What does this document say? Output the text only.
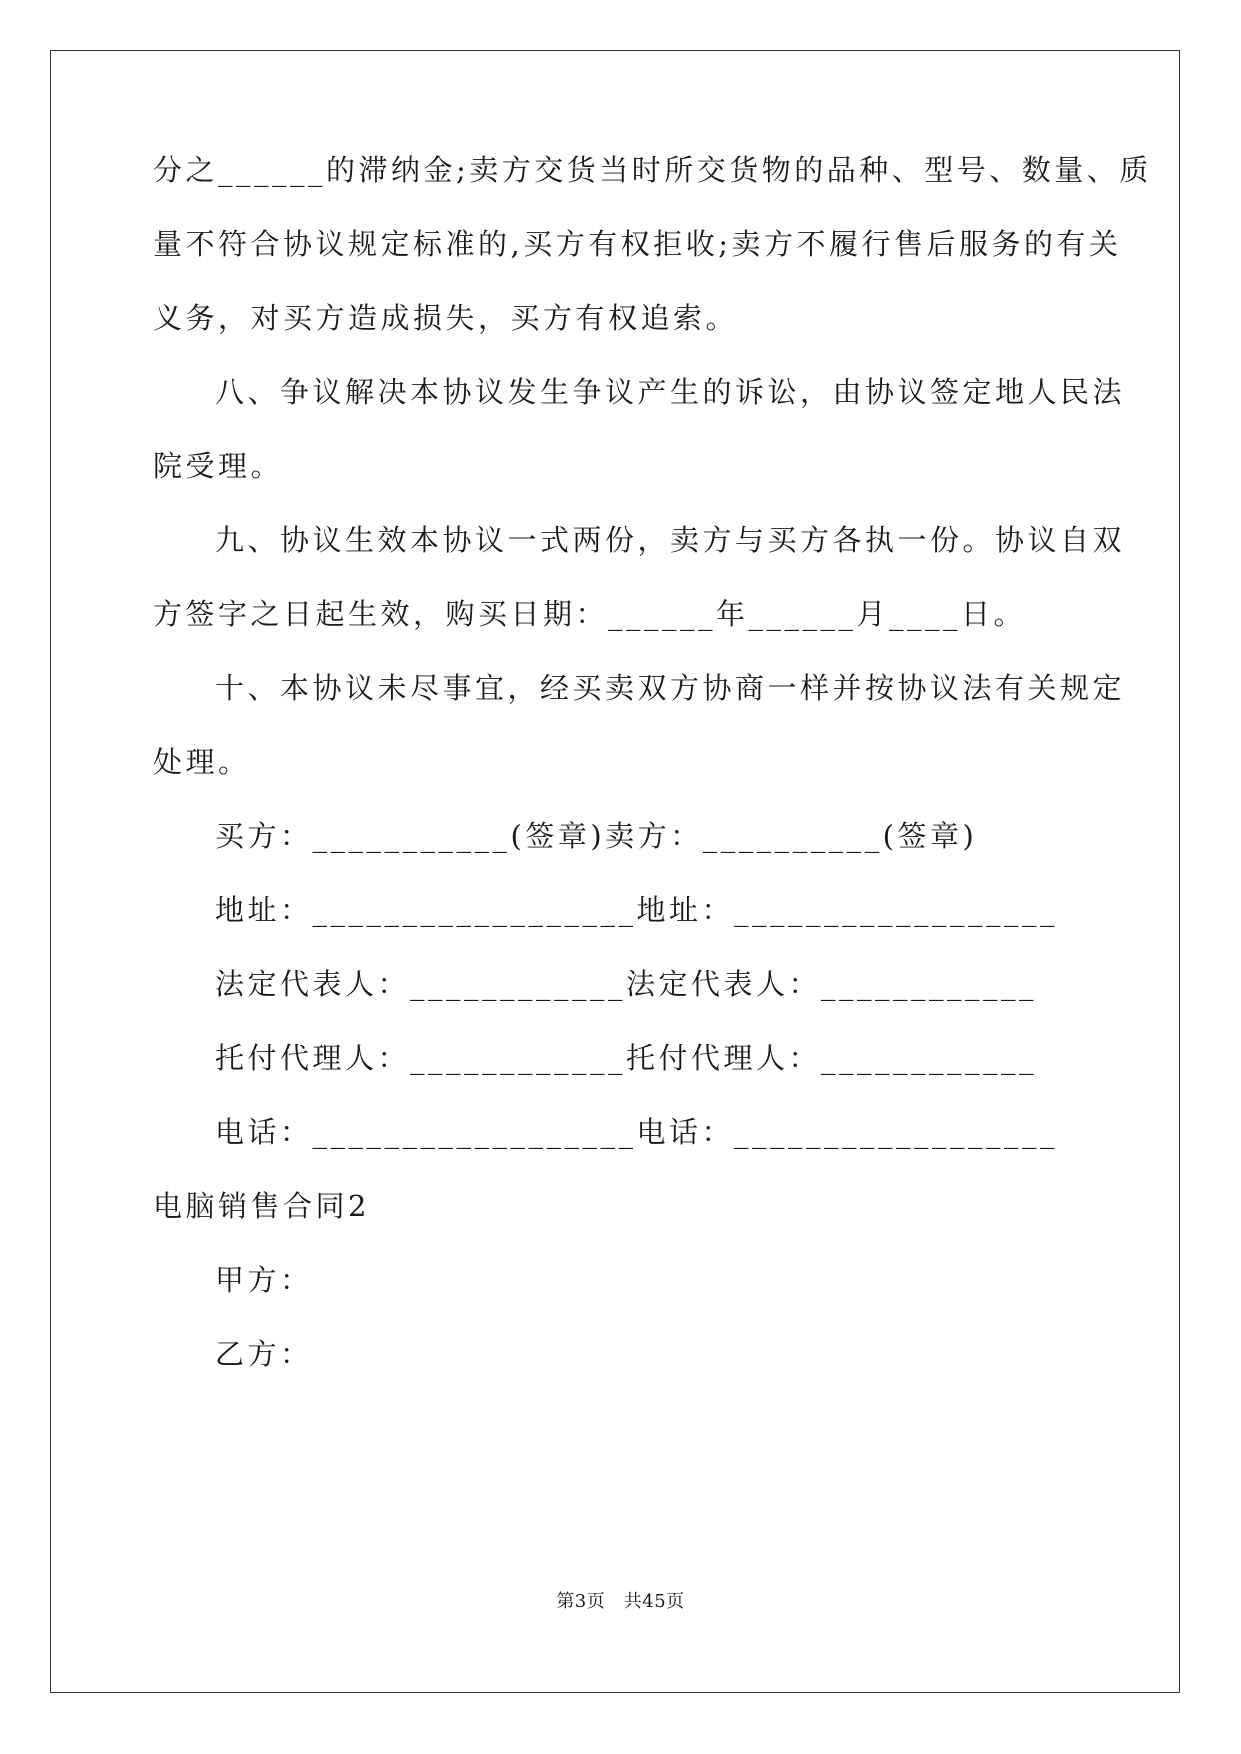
分之______的滞纳金;卖方交货当时所交货物的品种、型号、数量、质
量不符合协议规定标准的,买方有权拒收;卖方不履行售后服务的有关
义务，对买方造成损失，买方有权追索。
八、争议解决本协议发生争议产生的诉讼，由协议签定地人民法
院受理。
九、协议生效本协议一式两份，卖方与买方各执一份。协议自双
方签字之日起生效，购买日期：______年______月____日。
十、本协议未尽事宜，经买卖双方协商一样并按协议法有关规定
处理。
买方：___________(签章)卖方：__________(签章)
地址：__________________地址：__________________
法定代表人：____________法定代表人：____________
托付代理人：____________托付代理人：____________
电话：__________________电话：__________________
电脑销售合同2
甲方：
乙方：
第3页　共45页
